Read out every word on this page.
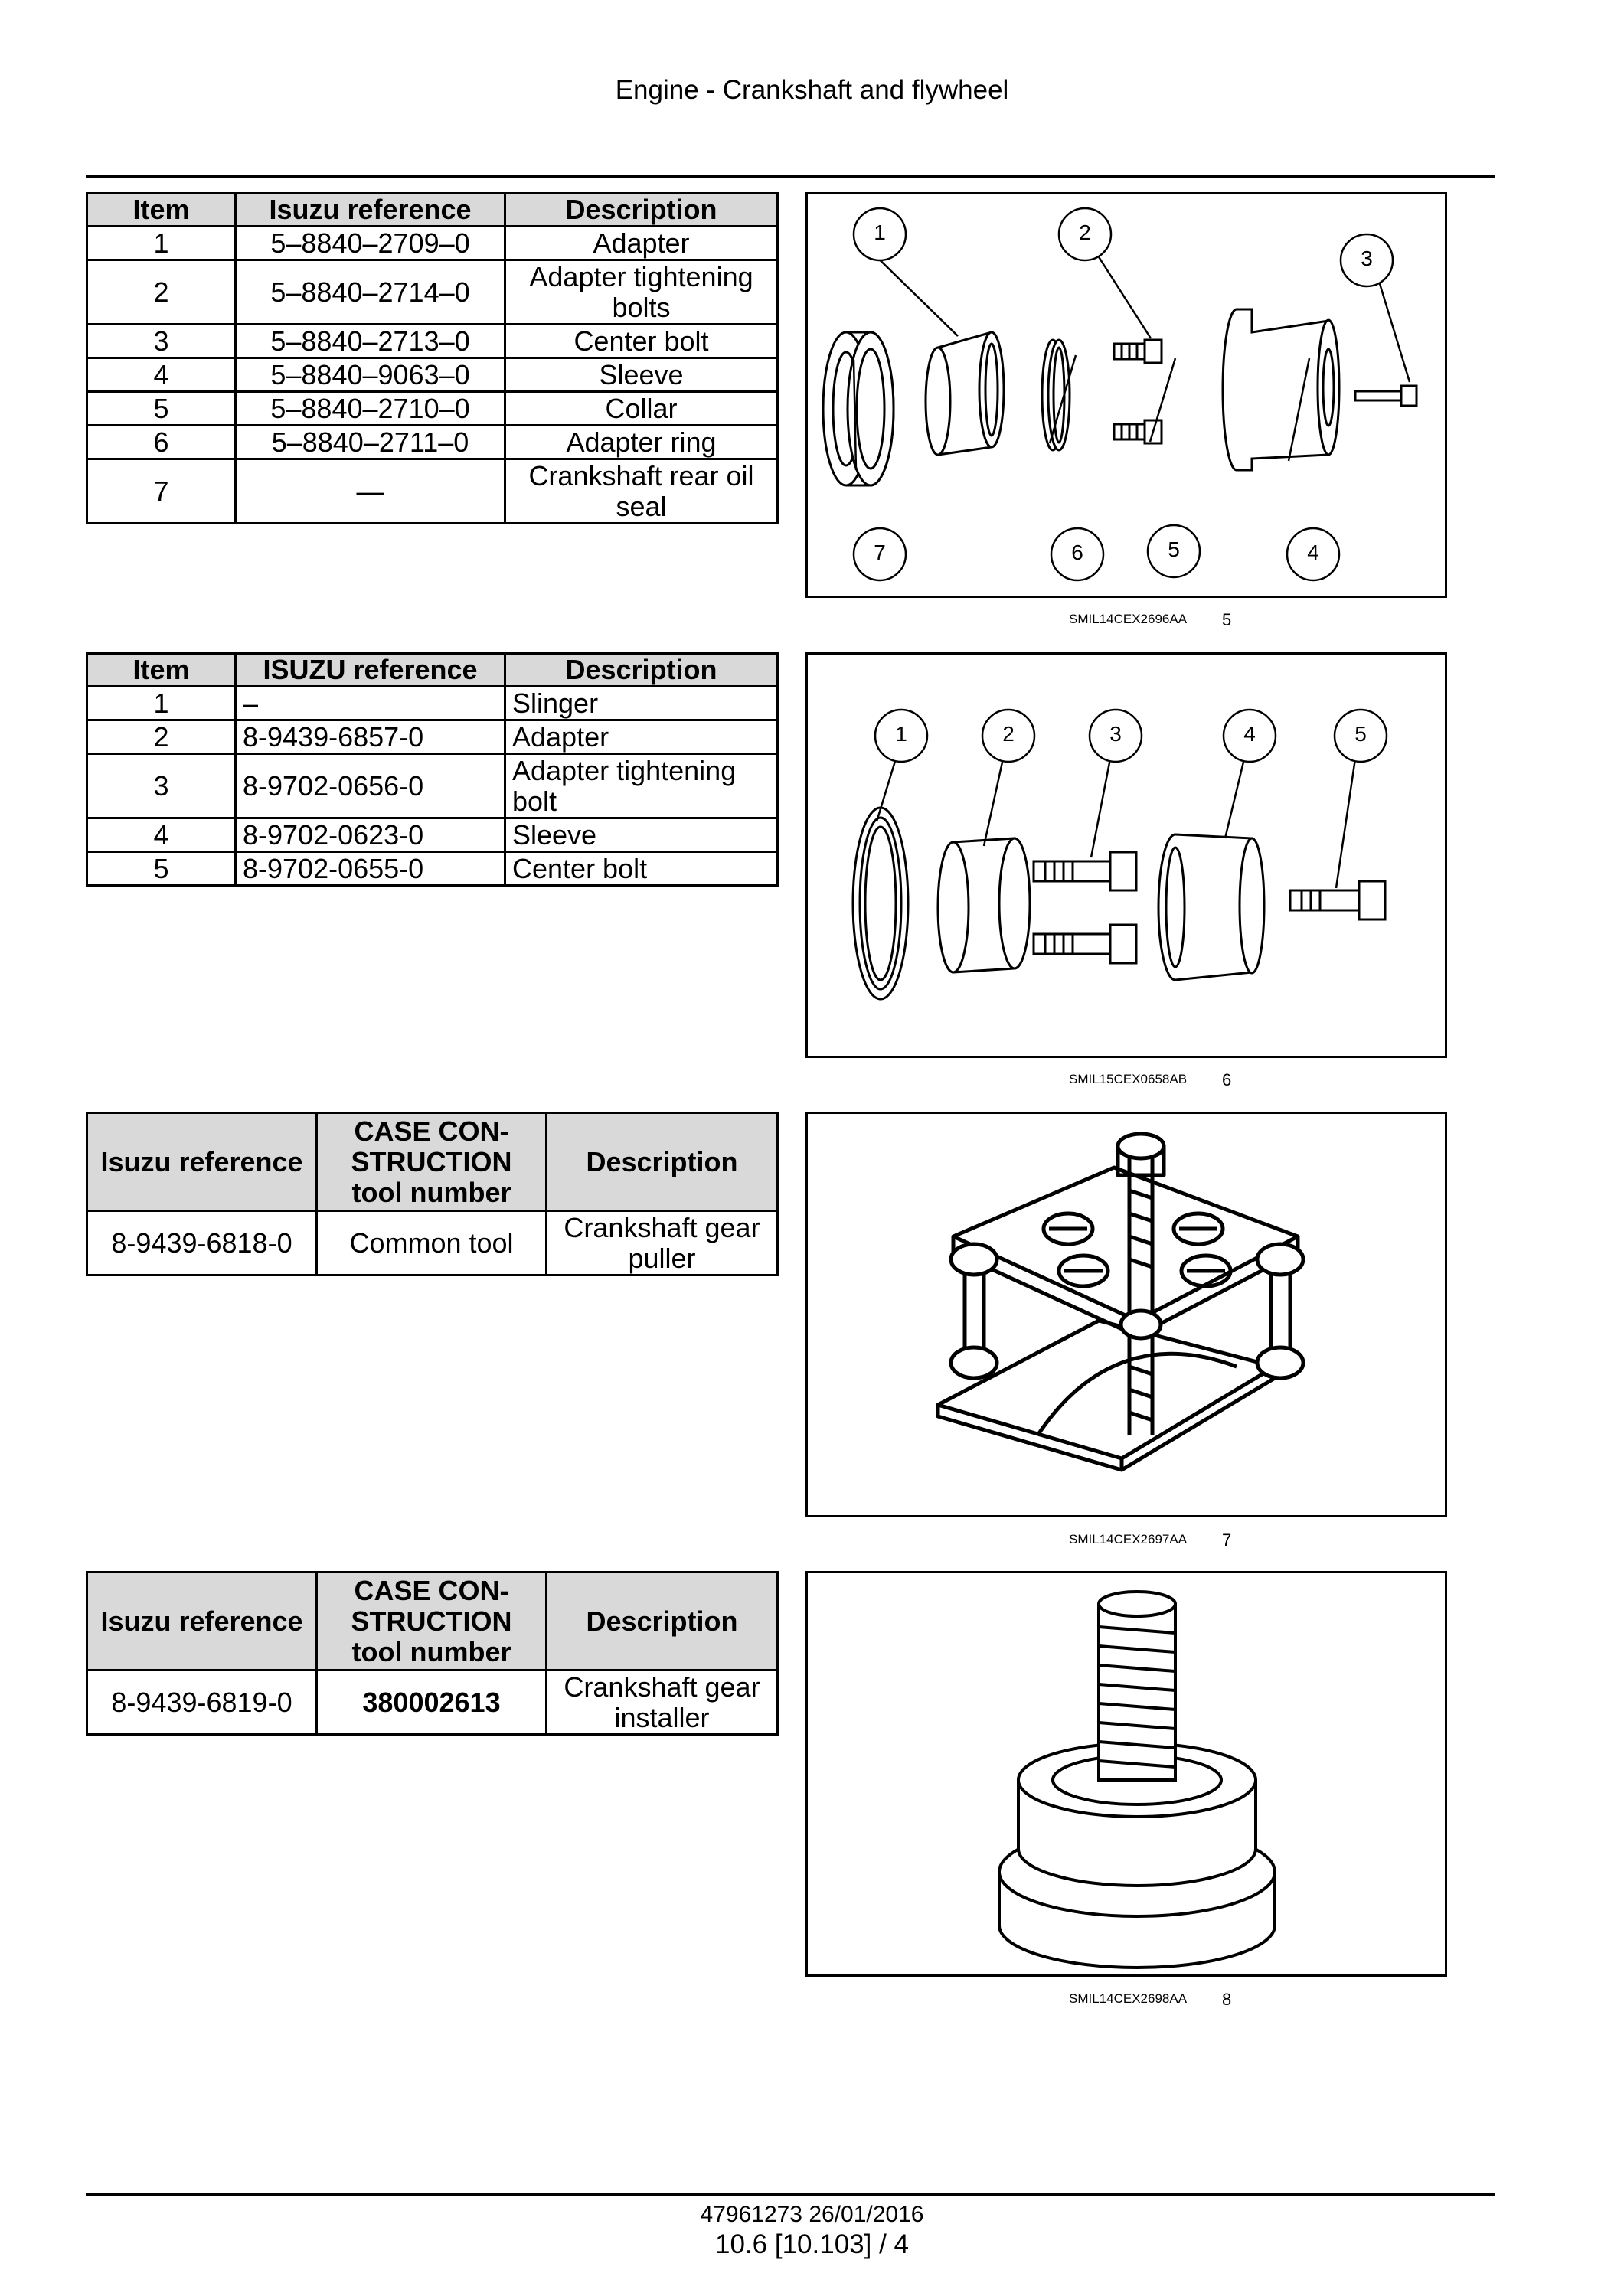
Engine - Crankshaft and flywheel
Item	Isuzu reference	Description
1	5–8840–2709–0	Adapter
2	5–8840–2714–0	Adapter tightening bolts
3	5–8840–2713–0	Center bolt
4	5–8840–9063–0	Sleeve
5	5–8840–2710–0	Collar
6	5–8840–2711–0	Adapter ring
7	—	Crankshaft rear oil seal
1	2
3
7	6	5	4
SMIL14CEX2696AA 5
Item	ISUZU reference	Description
1	–	Slinger
2	8-9439-6857-0	Adapter
3	8-9702-0656-0	Adapter tightening bolt
4	8-9702-0623-0	Sleeve
5	8-9702-0655-0	Center bolt
1	2	3	4	5
SMIL15CEX0658AB 6
Isuzu reference	CASE CON- STRUCTION tool number	Description
8-9439-6818-0	Common tool	Crankshaft gear puller
SMIL14CEX2697AA 7
Isuzu reference	CASE CON- STRUCTION tool number	Description
8-9439-6819-0	380002613	Crankshaft gear installer
SMIL14CEX2698AA 8
47961273 26/01/2016
10.6 [10.103] / 4
